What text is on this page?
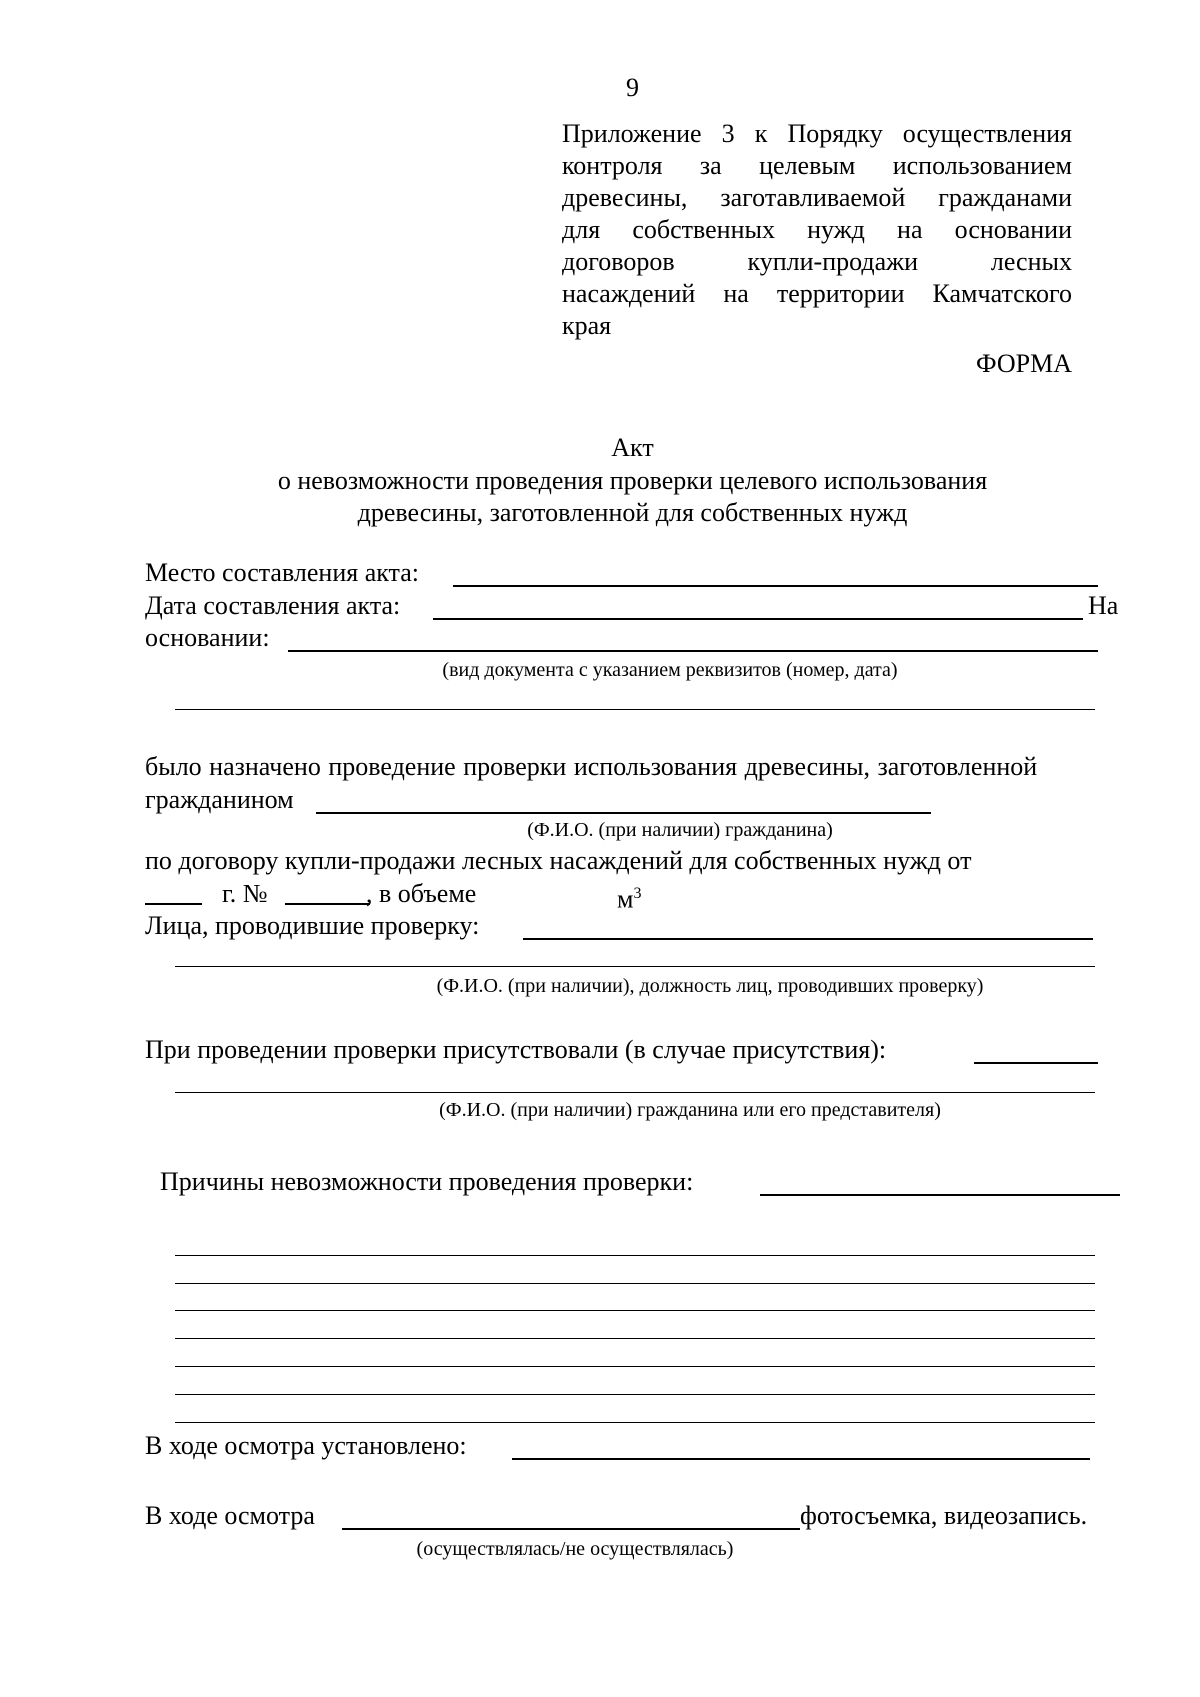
9
Приложение 3 к Порядку осуществления
контроля за целевым использованием
древесины, заготавливаемой гражданами
для собственных нужд на основании
договоров	купли-продажи	лесных
насаждений на территории Камчатского
края
ФОРМА
Акт
о невозможности проведения проверки целевого использования
древесины, заготовленной для собственных нужд
Место составления акта:
Дата составления акта:	На
основании:
(вид документа с указанием реквизитов (номер, дата)
было назначено проведение проверки использования древесины, заготовленной
гражданином
(Ф.И.О. (при наличии) гражданина)
по договору купли-продажи лесных насаждений для собственных нужд от
г. №	, в объеме	$м^3$
Лица, проводившие проверку:
(Ф.И.О. (при наличии), должность лиц, проводивших проверку)
При проведении проверки присутствовали (в случае присутствия):
(Ф.И.О. (при наличии) гражданина или его представителя)
Причины невозможности проведения проверки:
В ходе осмотра установлено:
В ходе осмотра	фотосъемка, видеозапись.
(осуществлялась/не осуществлялась)
